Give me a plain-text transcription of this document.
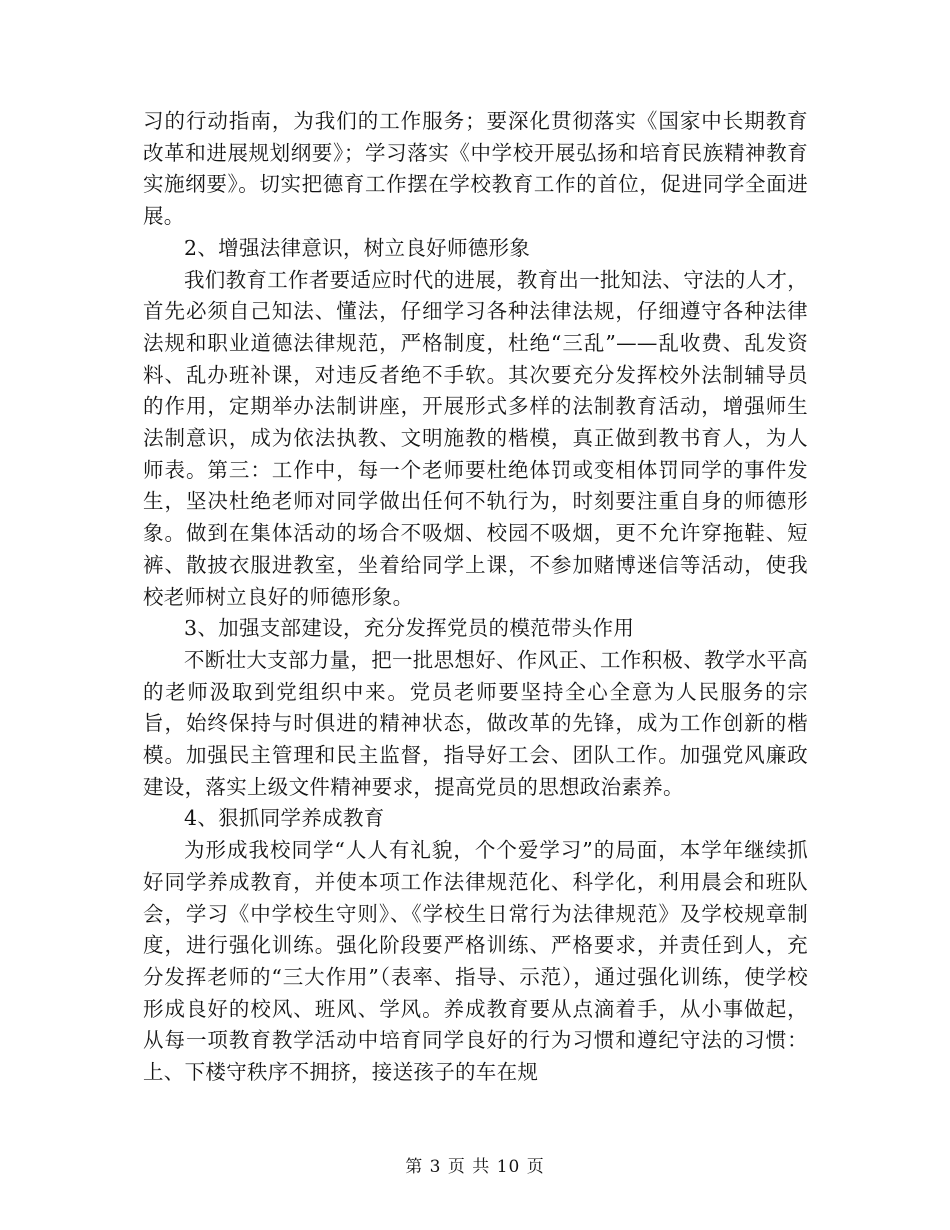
习的行动指南，为我们的工作服务；要深化贯彻落实《国家中长期教育改革和进展规划纲要》；学习落实《中学校开展弘扬和培育民族精神教育实施纲要》。切实把德育工作摆在学校教育工作的首位，促进同学全面进展。

2、增强法律意识，树立良好师德形象

我们教育工作者要适应时代的进展，教育出一批知法、守法的人才，首先必须自己知法、懂法，仔细学习各种法律法规，仔细遵守各种法律法规和职业道德法律规范，严格制度，杜绝“三乱”——乱收费、乱发资料、乱办班补课，对违反者绝不手软。其次要充分发挥校外法制辅导员的作用，定期举办法制讲座，开展形式多样的法制教育活动，增强师生法制意识，成为依法执教、文明施教的楷模，真正做到教书育人，为人师表。第三：工作中，每一个老师要杜绝体罚或变相体罚同学的事件发生，坚决杜绝老师对同学做出任何不轨行为，时刻要注重自身的师德形象。做到在集体活动的场合不吸烟、校园不吸烟，更不允许穿拖鞋、短裤、散披衣服进教室，坐着给同学上课，不参加赌博迷信等活动，使我校老师树立良好的师德形象。

3、加强支部建设，充分发挥党员的模范带头作用

不断壮大支部力量，把一批思想好、作风正、工作积极、教学水平高的老师汲取到党组织中来。党员老师要坚持全心全意为人民服务的宗旨，始终保持与时俱进的精神状态，做改革的先锋，成为工作创新的楷模。加强民主管理和民主监督，指导好工会、团队工作。加强党风廉政建设，落实上级文件精神要求，提高党员的思想政治素养。

4、狠抓同学养成教育

为形成我校同学“人人有礼貌，个个爱学习”的局面，本学年继续抓好同学养成教育，并使本项工作法律规范化、科学化，利用晨会和班队会，学习《中学校生守则》、《学校生日常行为法律规范》及学校规章制度，进行强化训练。强化阶段要严格训练、严格要求，并责任到人，充分发挥老师的“三大作用”（表率、指导、示范），通过强化训练，使学校形成良好的校风、班风、学风。养成教育要从点滴着手，从小事做起，从每一项教育教学活动中培育同学良好的行为习惯和遵纪守法的习惯：上、下楼守秩序不拥挤，接送孩子的车在规

第 3 页 共 10 页
